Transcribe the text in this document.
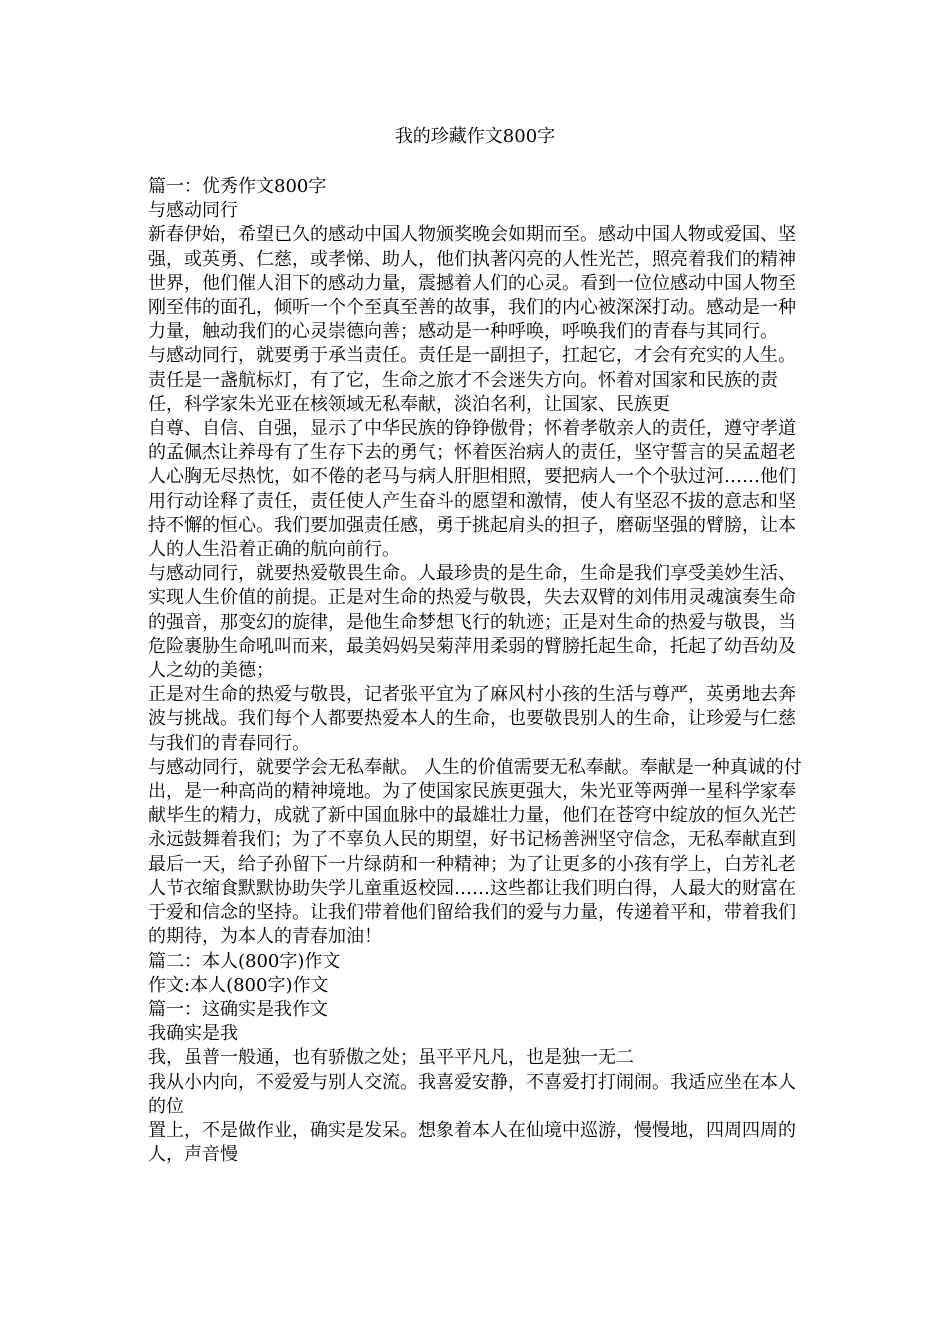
我的珍藏作文800字

篇一：优秀作文800字

与感动同行

新春伊始，希望已久的感动中国人物颁奖晚会如期而至。感动中国人物或爱国、坚强，或英勇、仁慈，或孝悌、助人，他们执著闪亮的人性光芒，照亮着我们的精神世界，他们催人泪下的感动力量，震撼着人们的心灵。看到一位位感动中国人物至刚至伟的面孔，倾听一个个至真至善的故事，我们的内心被深深打动。感动是一种力量，触动我们的心灵崇德向善；感动是一种呼唤，呼唤我们的青春与其同行。

与感动同行，就要勇于承当责任。责任是一副担子，扛起它，才会有充实的人生。责任是一盏航标灯，有了它，生命之旅才不会迷失方向。怀着对国家和民族的责任，科学家朱光亚在核领域无私奉献，淡泊名利，让国家、民族更

自尊、自信、自强，显示了中华民族的铮铮傲骨；怀着孝敬亲人的责任，遵守孝道的孟佩杰让养母有了生存下去的勇气；怀着医治病人的责任，坚守誓言的吴孟超老人心胸无尽热忱，如不倦的老马与病人肝胆相照，要把病人一个个驮过河……他们用行动诠释了责任，责任使人产生奋斗的愿望和激情，使人有坚忍不拔的意志和坚持不懈的恒心。我们要加强责任感，勇于挑起肩头的担子，磨砺坚强的臂膀，让本人的人生沿着正确的航向前行。

与感动同行，就要热爱敬畏生命。人最珍贵的是生命，生命是我们享受美妙生活、实现人生价值的前提。正是对生命的热爱与敬畏，失去双臂的刘伟用灵魂演奏生命的强音，那变幻的旋律，是他生命梦想飞行的轨迹；正是对生命的热爱与敬畏，当危险裹胁生命吼叫而来，最美妈妈吴菊萍用柔弱的臂膀托起生命，托起了幼吾幼及人之幼的美德；

正是对生命的热爱与敬畏，记者张平宜为了麻风村小孩的生活与尊严，英勇地去奔波与挑战。我们每个人都要热爱本人的生命，也要敬畏别人的生命，让珍爱与仁慈与我们的青春同行。

与感动同行，就要学会无私奉献。 人生的价值需要无私奉献。奉献是一种真诚的付出，是一种高尚的精神境地。为了使国家民族更强大，朱光亚等两弹一星科学家奉献毕生的精力，成就了新中国血脉中的最雄壮力量，他们在苍穹中绽放的恒久光芒永远鼓舞着我们；为了不辜负人民的期望，好书记杨善洲坚守信念，无私奉献直到最后一天，给子孙留下一片绿荫和一种精神；为了让更多的小孩有学上，白芳礼老人节衣缩食默默协助失学儿童重返校园……这些都让我们明白得，人最大的财富在于爱和信念的坚持。让我们带着他们留给我们的爱与力量，传递着平和，带着我们的期待，为本人的青春加油！

篇二：本人(800字)作文

作文:本人(800字)作文

篇一：这确实是我作文

我确实是我

我，虽普一般通，也有骄傲之处；虽平平凡凡，也是独一无二

我从小内向，不爱爱与别人交流。我喜爱安静，不喜爱打打闹闹。我适应坐在本人的位

置上，不是做作业，确实是发呆。想象着本人在仙境中巡游，慢慢地，四周四周的人，声音慢
